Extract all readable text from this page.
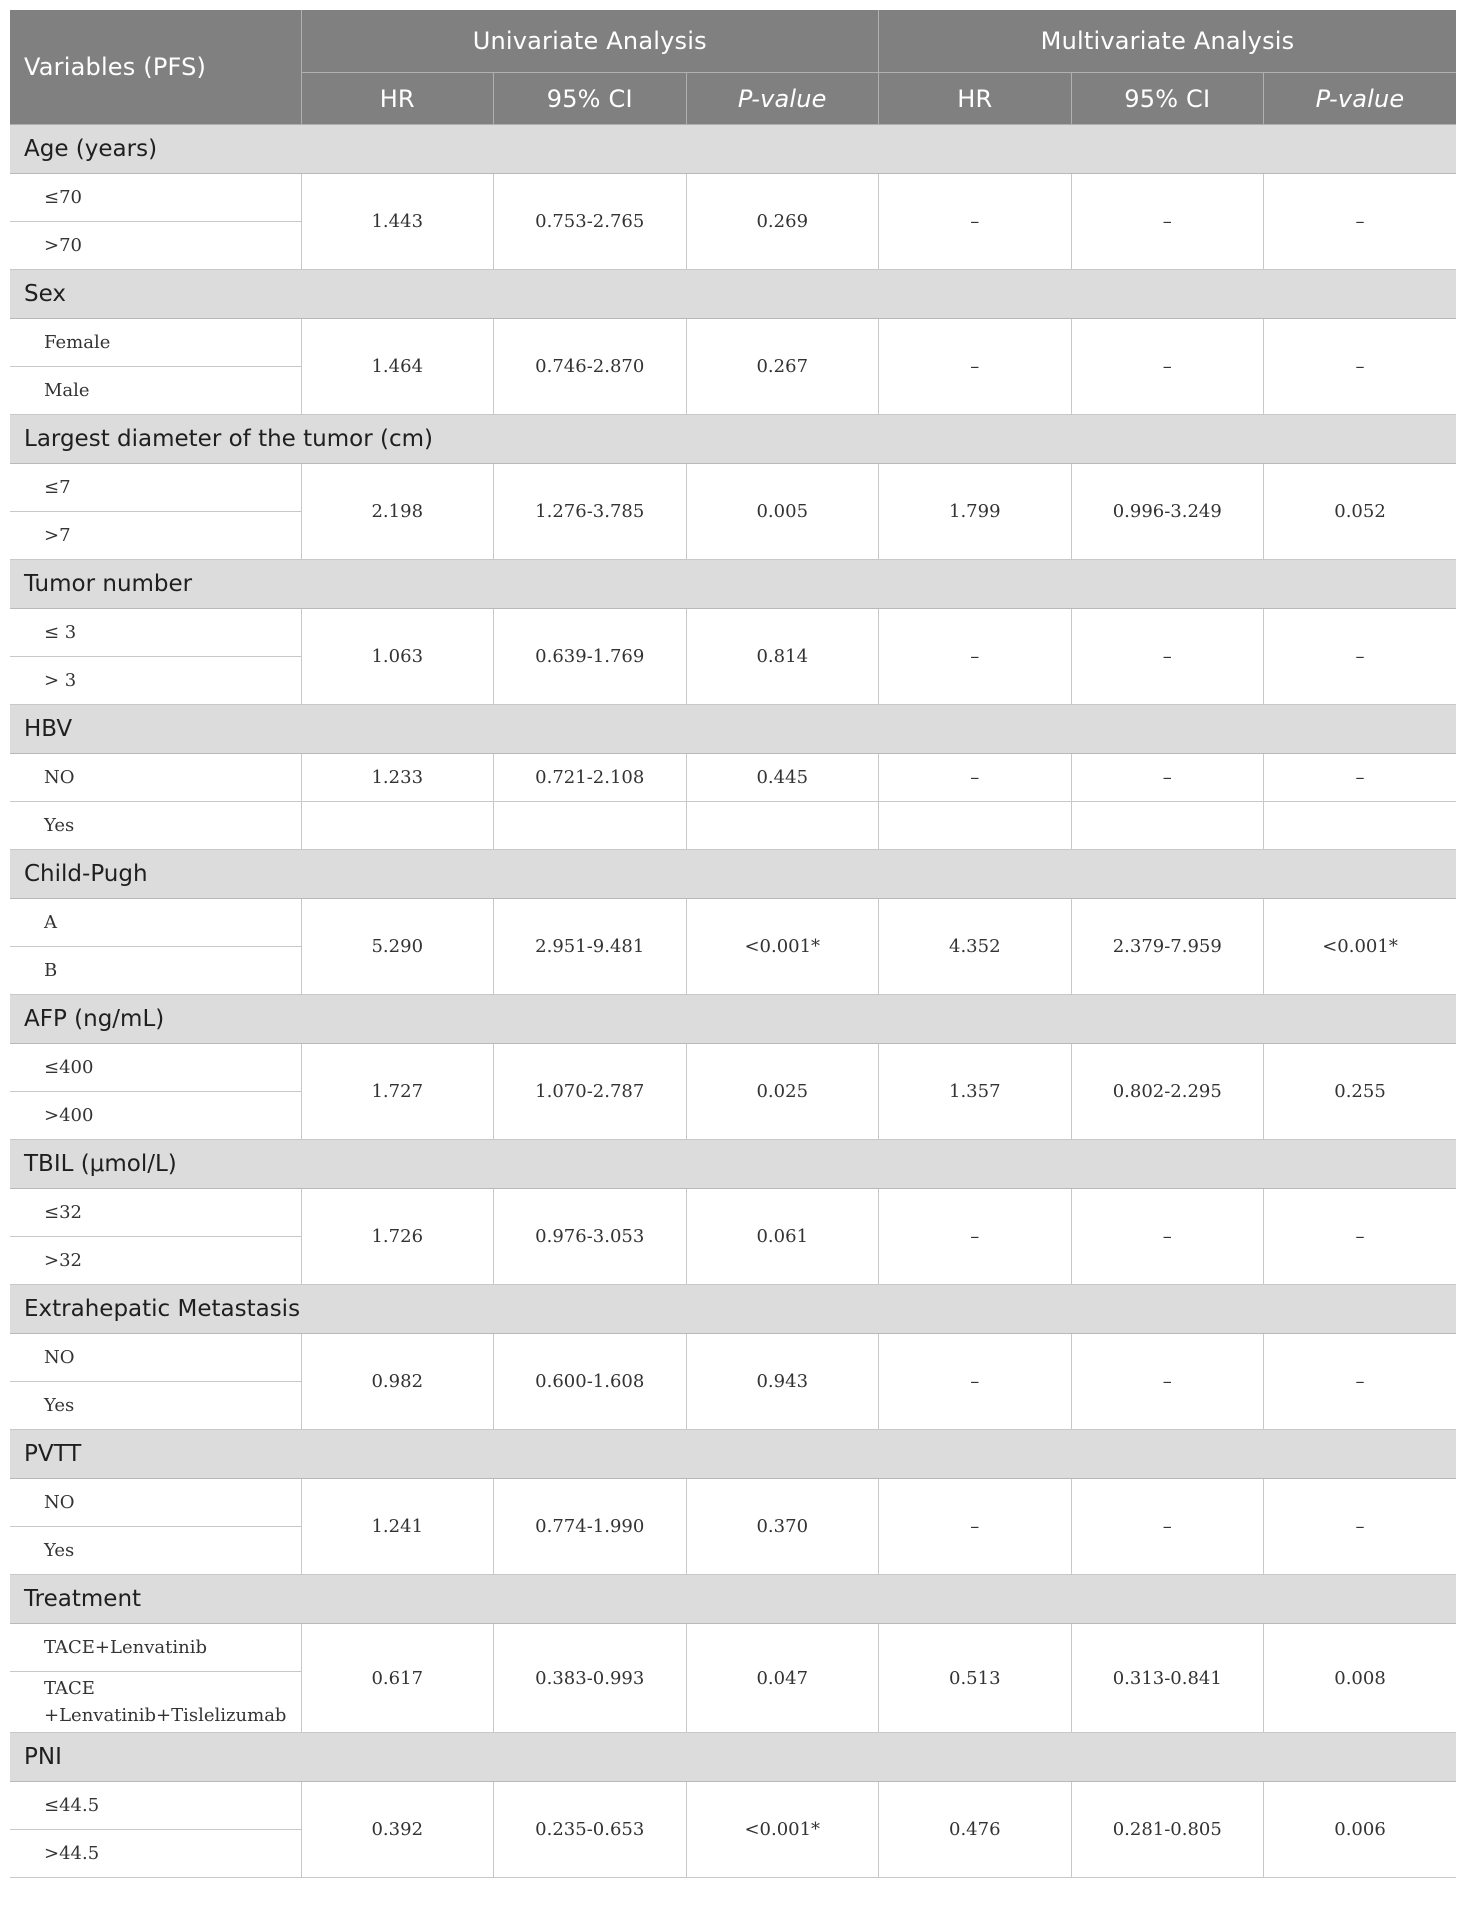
Variables (PFS)	Univariate Analysis			Multivariate Analysis		
	HR	95% CI	P-value	HR	95% CI	P-value
Age (years)						
≤70	1.443	0.753-2.765	0.269	–	–	–
>70						
Sex						
Female	1.464	0.746-2.870	0.267	–	–	–
Male						
Largest diameter of the tumor (cm)						
≤7	2.198	1.276-3.785	0.005	1.799	0.996-3.249	0.052
>7						
Tumor number						
≤ 3	1.063	0.639-1.769	0.814	–	–	–
> 3						
HBV						
NO	1.233	0.721-2.108	0.445	–	–	–
Yes						
Child-Pugh						
A	5.290	2.951-9.481	<0.001*	4.352	2.379-7.959	<0.001*
B						
AFP (ng/mL)						
≤400	1.727	1.070-2.787	0.025	1.357	0.802-2.295	0.255
>400						
TBIL (μmol/L)						
≤32	1.726	0.976-3.053	0.061	–	–	–
>32						
Extrahepatic Metastasis						
NO	0.982	0.600-1.608	0.943	–	–	–
Yes						
PVTT						
NO	1.241	0.774-1.990	0.370	–	–	–
Yes						
Treatment						
TACE+Lenvatinib	0.617	0.383-0.993	0.047	0.513	0.313-0.841	0.008
TACE
+Lenvatinib+Tislelizumab						
PNI						
≤44.5	0.392	0.235-0.653	<0.001*	0.476	0.281-0.805	0.006
>44.5						
